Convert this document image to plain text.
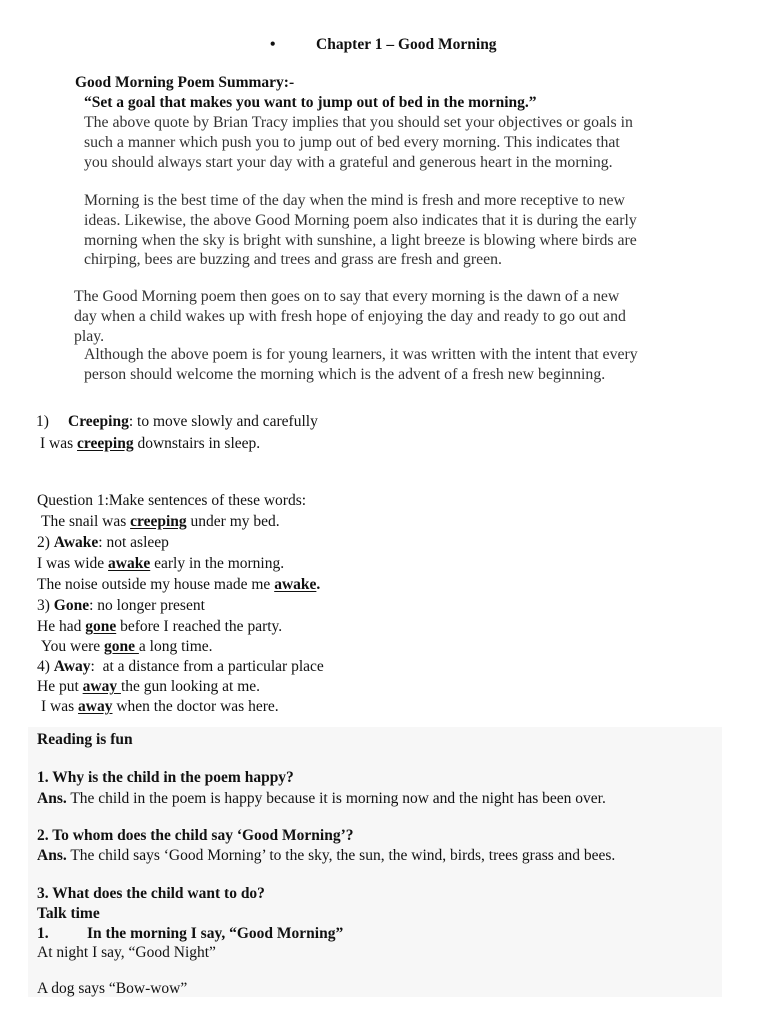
•	Chapter 1 – Good Morning
Good Morning Poem Summary:-
“Set a goal that makes you want to jump out of bed in the morning.”
The above quote by Brian Tracy implies that you should set your objectives or goals in
such a manner which push you to jump out of bed every morning. This indicates that
you should always start your day with a grateful and generous heart in the morning.
Morning is the best time of the day when the mind is fresh and more receptive to new
ideas. Likewise, the above Good Morning poem also indicates that it is during the early
morning when the sky is bright with sunshine, a light breeze is blowing where birds are
chirping, bees are buzzing and trees and grass are fresh and green.
The Good Morning poem then goes on to say that every morning is the dawn of a new
day when a child wakes up with fresh hope of enjoying the day and ready to go out and
play.
Although the above poem is for young learners, it was written with the intent that every
person should welcome the morning which is the advent of a fresh new beginning.
1) Creeping: to move slowly and carefully
I was creeping downstairs in sleep.
Question 1:Make sentences of these words:
The snail was creeping under my bed.
2) Awake: not asleep
I was wide awake early in the morning.
The noise outside my house made me awake.
3) Gone: no longer present
He had gone before I reached the party.
You were gone a long time.
4) Away:  at a distance from a particular place
He put away the gun looking at me.
I was away when the doctor was here.
Reading is fun
1. Why is the child in the poem happy?
Ans. The child in the poem is happy because it is morning now and the night has been over.
2. To whom does the child say ‘Good Morning’?
Ans. The child says ‘Good Morning’ to the sky, the sun, the wind, birds, trees grass and bees.
3. What does the child want to do?
Talk time
1. In the morning I say, “Good Morning”
At night I say, “Good Night”
A dog says “Bow-wow”
